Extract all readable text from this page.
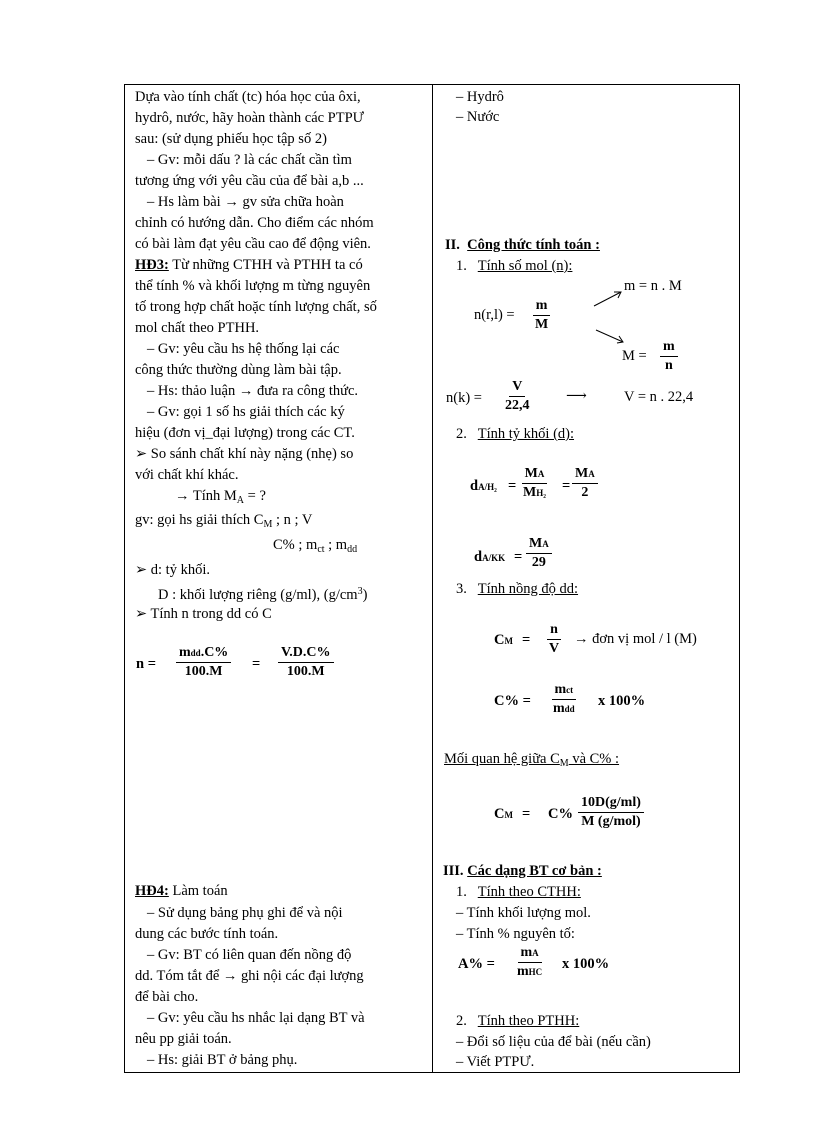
Dựa vào tính chất (tc) hóa học của ôxi,
hydrô, nước, hãy hoàn thành các PTPƯ
sau: (sử dụng phiếu học tập số 2)
– Gv: mỗi dấu ? là các chất cần tìm
tương ứng với yêu cầu của để bài a,b ...
– Hs làm bài → gv sửa chữa hoàn
chỉnh có hướng dẫn. Cho điểm các nhóm
có bài làm đạt yêu cầu cao để động viên.
HĐ3: Từ những CTHH và PTHH ta có
thể tính % và khối lượng m từng nguyên
tố trong hợp chất hoặc tính lượng chất, số
mol chất theo PTHH.
– Gv: yêu cầu hs hệ thống lại các
công thức thường dùng làm bài tập.
– Hs: thảo luận → đưa ra công thức.
– Gv: gọi 1 số hs giải thích các ký
hiệu (đơn vị_đại lượng) trong các CT.
➢ So sánh chất khí này nặng (nhẹ) so
với chất khí khác.
→ Tính $M_A$ = ?
gv: gọi hs giải thích $C_M$ ; n ; V
C% ; $m_{ct}$ ; $m_{dd}$
➢ d: tỷ khối.
D : khối lượng riêng (g/ml), $(g/cm^3)$
➢ Tính n trong dd có C
n =
mdd.C%
$100.M = \frac{V.D.C\%}{100.M}$
HĐ4: Làm toán
– Sử dụng bảng phụ ghi để và nội
dung các bước tính toán.
– Gv: BT có liên quan đến nồng độ
dd. Tóm tắt để → ghi nội các đại lượng
để bài cho.
– Gv: yêu cầu hs nhắc lại dạng BT và
nêu pp giải toán.
– Hs: giải BT ở bảng phụ.
– Hydrô
– Nước
II. Công thức tính toán :
1. Tính số mol (n):
m = n . M
$n(r,l) = \frac{m}{M}$
$M = \frac{m}{n}$
$n(k) = \frac{V}{22,4}$ ⟶	V = n . 22,4
2. Tính tỷ khối (d):
$dA/H_2 = \frac{MA}{\text{MH₂}} = \frac{MA}{2}$
$dA/KK = \frac{MA}{29}$
3. Tính nồng độ dd:
CM = $\frac{n}{V}$ → đơn vị mol / l (M)
C% =
mct
mdd x 100%
Mối quan hệ giữa $C_M$ và C% :
CM = C%
10D(g/ml)
M (g/mol)
III. Các dạng BT cơ bản :
1. Tính theo CTHH:
– Tính khối lượng mol.
– Tính % nguyên tố:
A% =
mA
mHC x 100%
2. Tính theo PTHH:
– Đổi số liệu của để bài (nếu cần)
– Viết PTPƯ.
